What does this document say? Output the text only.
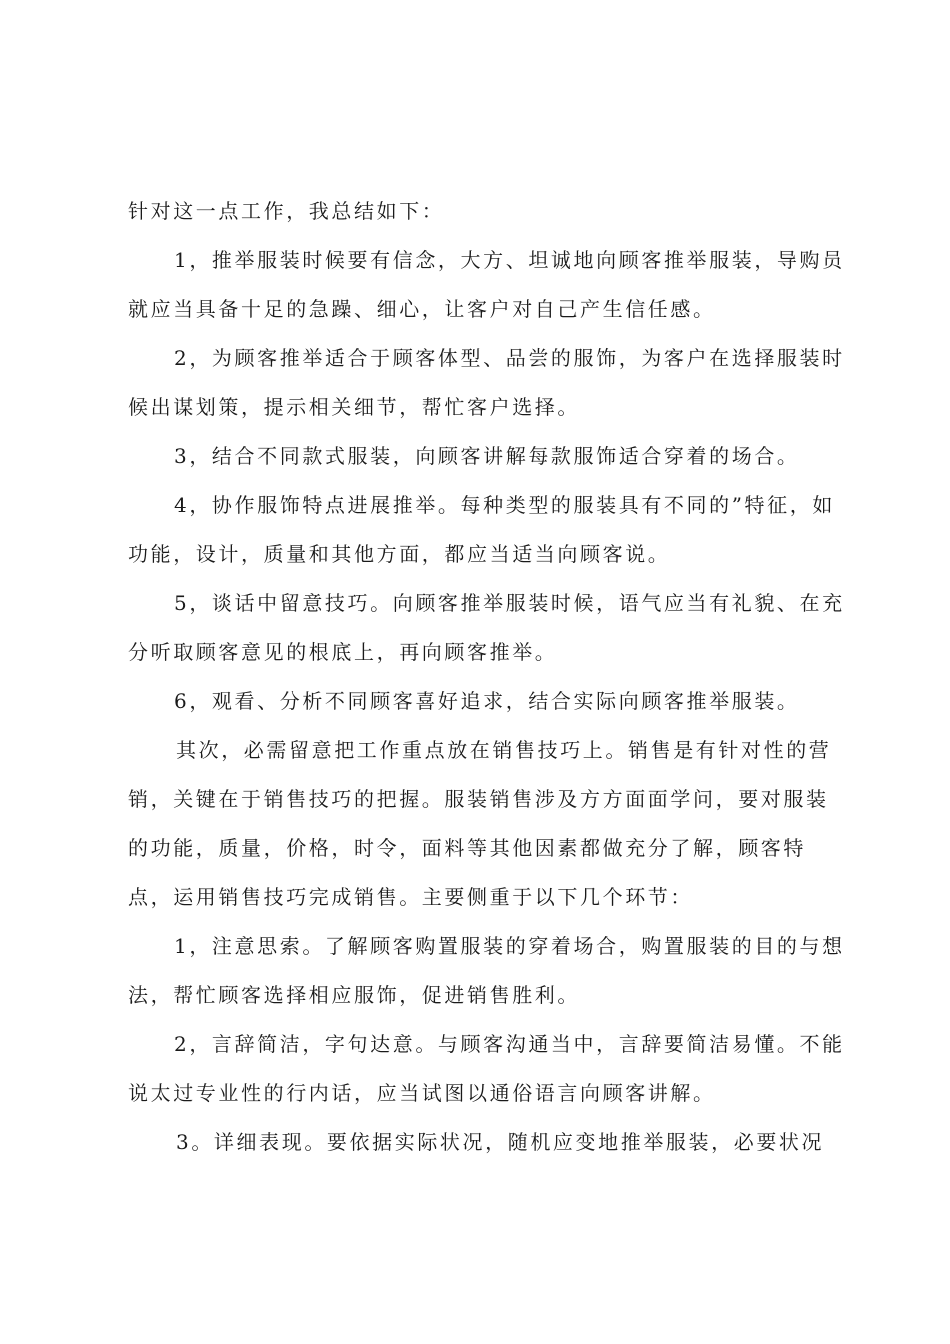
针对这一点工作，我总结如下：
1，推举服装时候要有信念，大方、坦诚地向顾客推举服装，导购员
就应当具备十足的急躁、细心，让客户对自己产生信任感。
2，为顾客推举适合于顾客体型、品尝的服饰，为客户在选择服装时
候出谋划策，提示相关细节，帮忙客户选择。
3，结合不同款式服装，向顾客讲解每款服饰适合穿着的场合。
4，协作服饰特点进展推举。每种类型的服装具有不同的”特征，如
功能，设计，质量和其他方面，都应当适当向顾客说。
5，谈话中留意技巧。向顾客推举服装时候，语气应当有礼貌、在充
分听取顾客意见的根底上，再向顾客推举。
6，观看、分析不同顾客喜好追求，结合实际向顾客推举服装。
其次，必需留意把工作重点放在销售技巧上。销售是有针对性的营
销，关键在于销售技巧的把握。服装销售涉及方方面面学问，要对服装
的功能，质量，价格，时令，面料等其他因素都做充分了解，顾客特
点，运用销售技巧完成销售。主要侧重于以下几个环节：
1，注意思索。了解顾客购置服装的穿着场合，购置服装的目的与想
法，帮忙顾客选择相应服饰，促进销售胜利。
2，言辞简洁，字句达意。与顾客沟通当中，言辞要简洁易懂。不能
说太过专业性的行内话，应当试图以通俗语言向顾客讲解。
3。详细表现。要依据实际状况，随机应变地推举服装，必要状况
